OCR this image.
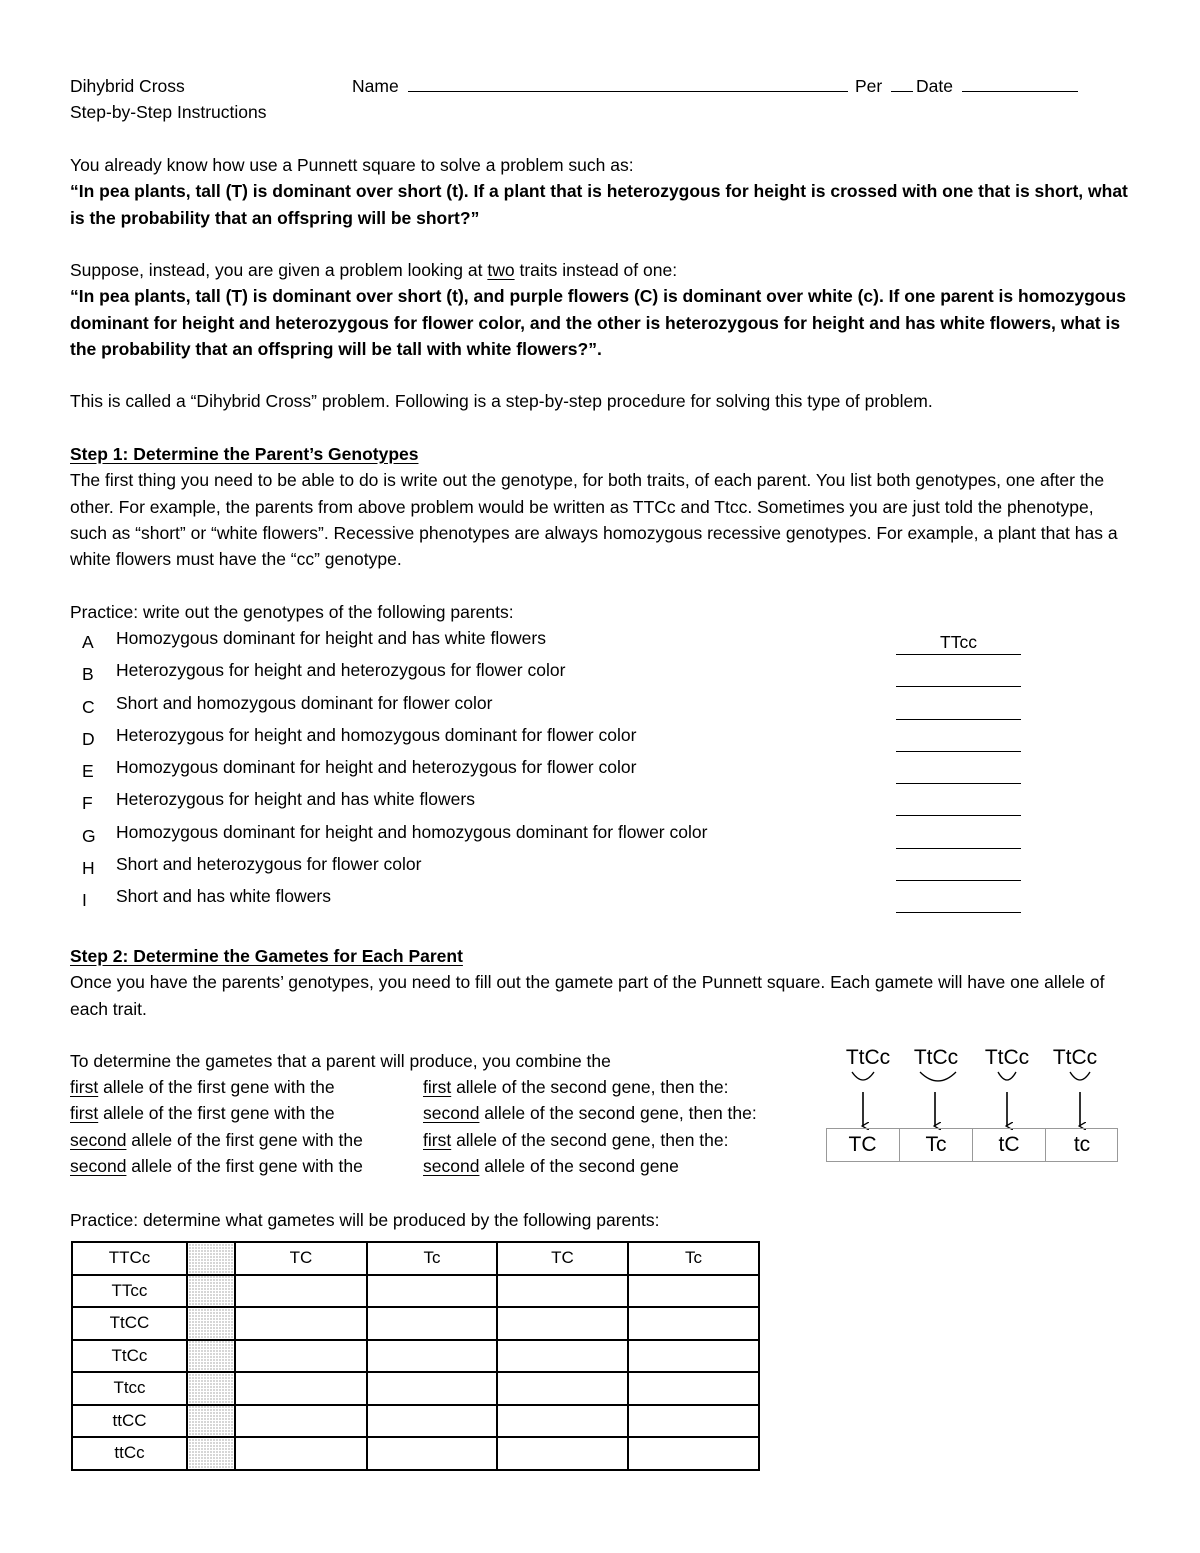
Dihybrid Cross
Step-by-Step Instructions
Name	Per	Date

You already know how use a Punnett square to solve a problem such as:

“In pea plants, tall (T) is dominant over short (t). If a plant that is heterozygous for height is crossed with one that is short, what is the probability that an offspring will be short?”

Suppose, instead, you are given a problem looking at two traits instead of one:

“In pea plants, tall (T) is dominant over short (t), and purple flowers (C) is dominant over white (c). If one parent is homozygous dominant for height and heterozygous for flower color, and the other is heterozygous for height and has white flowers, what is the probability that an offspring will be tall with white flowers?”.

This is called a “Dihybrid Cross” problem. Following is a step-by-step procedure for solving this type of problem.

Step 1: Determine the Parent’s Genotypes

The first thing you need to be able to do is write out the genotype, for both traits, of each parent. You list both genotypes, one after the other. For example, the parents from above problem would be written as TTCc and Ttcc. Sometimes you are just told the phenotype, such as “short” or “white flowers”. Recessive phenotypes are always homozygous recessive genotypes. For example, a plant that has a white flowers must have the “cc” genotype.

Practice: write out the genotypes of the following parents:

A	Homozygous dominant for height and has white flowers	TTcc
B	Heterozygous for height and heterozygous for flower color
C	Short and homozygous dominant for flower color
D	Heterozygous for height and homozygous dominant for flower color
E	Homozygous dominant for height and heterozygous for flower color
F	Heterozygous for height and has white flowers
G	Homozygous dominant for height and homozygous dominant for flower color
H	Short and heterozygous for flower color
I	Short and has white flowers

Step 2: Determine the Gametes for Each Parent

Once you have the parents’ genotypes, you need to fill out the gamete part of the Punnett square. Each gamete will have one allele of each trait.

To determine the gametes that a parent will produce, you combine the
first allele of the first gene with the	first allele of the second gene, then the:
first allele of the first gene with the	second allele of the second gene, then the:
second allele of the first gene with the	first allele of the second gene, then the:
second allele of the first gene with the	second allele of the second gene
TtCc	TtCc	TtCc	TtCc
TC	Tc	tC	tc

Practice: determine what gametes will be produced by the following parents:

TTCc		TC	Tc	TC	Tc
TTcc					
TtCC					
TtCc					
Ttcc					
ttCC					
ttCc					
